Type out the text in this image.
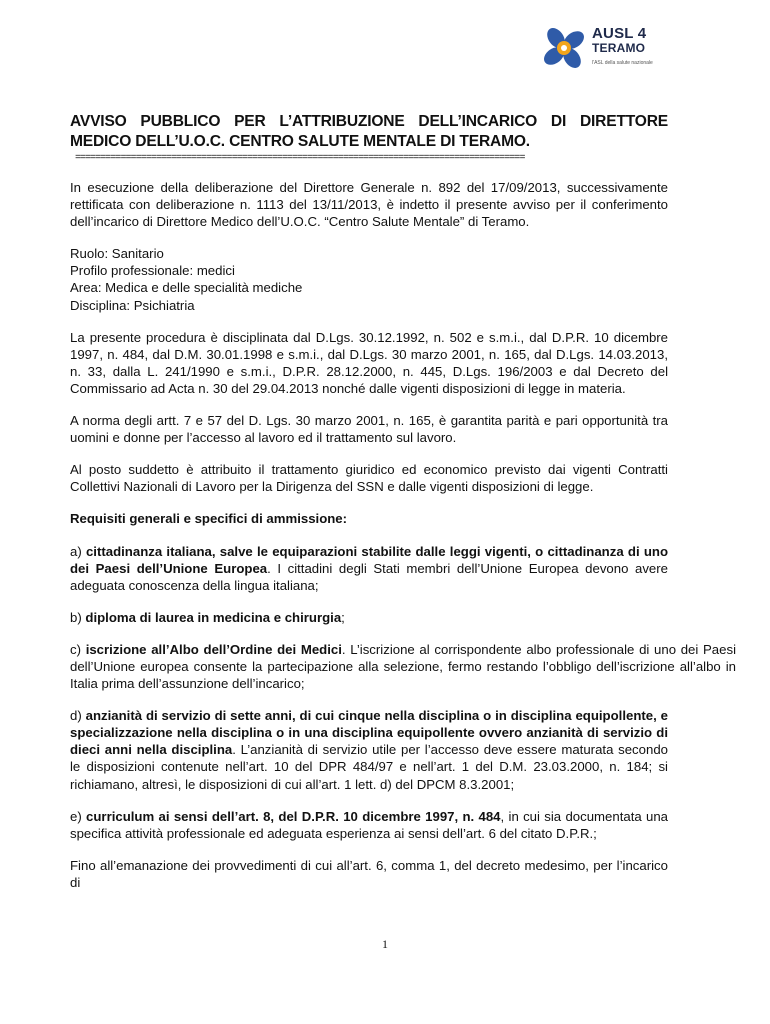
AUSL 4
TERAMO
l'ASL della salute nazionale
AVVISO PUBBLICO PER L’ATTRIBUZIONE DELL’INCARICO DI DIRETTORE MEDICO DELL’U.O.C. CENTRO SALUTE MENTALE DI TERAMO.
=========================================================================================

In esecuzione della deliberazione del Direttore Generale n. 892 del 17/09/2013, successivamente rettificata con deliberazione n. 1113 del 13/11/2013, è indetto il presente avviso per il conferimento dell’incarico di Direttore Medico dell’U.O.C. “Centro Salute Mentale” di Teramo.

Ruolo: Sanitario

Profilo professionale: medici

Area: Medica e delle specialità mediche

Disciplina: Psichiatria

La presente procedura è disciplinata dal D.Lgs. 30.12.1992, n. 502 e s.m.i., dal D.P.R. 10 dicembre 1997, n. 484, dal D.M. 30.01.1998 e s.m.i., dal D.Lgs. 30 marzo 2001, n. 165, dal D.Lgs. 14.03.2013, n. 33, dalla L. 241/1990 e s.m.i., D.P.R. 28.12.2000, n. 445, D.Lgs. 196/2003 e dal Decreto del Commissario ad Acta n. 30 del 29.04.2013 nonché dalle vigenti disposizioni di legge in materia.

A norma degli artt. 7 e 57 del D. Lgs. 30 marzo 2001, n. 165, è garantita parità e pari opportunità tra uomini e donne per l’accesso al lavoro ed il trattamento sul lavoro.

Al posto suddetto è attribuito il trattamento giuridico ed economico previsto dai vigenti Contratti Collettivi Nazionali di Lavoro per la Dirigenza del SSN e dalle vigenti disposizioni di legge.

Requisiti generali e specifici di ammissione:

a) cittadinanza italiana, salve le equiparazioni stabilite dalle leggi vigenti, o cittadinanza di uno dei Paesi dell’Unione Europea. I cittadini degli Stati membri dell’Unione Europea devono avere adeguata conoscenza della lingua italiana;

b) diploma di laurea in medicina e chirurgia;

c) iscrizione all’Albo dell’Ordine dei Medici. L’iscrizione al corrispondente albo professionale di uno dei Paesi dell’Unione europea consente la partecipazione alla selezione, fermo restando l’obbligo dell’iscrizione all’albo in Italia prima dell’assunzione dell’incarico;

d) anzianità di servizio di sette anni, di cui cinque nella disciplina o in disciplina equipollente, e specializzazione nella disciplina o in una disciplina equipollente ovvero anzianità di servizio di dieci anni nella disciplina. L’anzianità di servizio utile per l’accesso deve essere maturata secondo le disposizioni contenute nell’art. 10 del DPR 484/97 e nell’art. 1 del D.M. 23.03.2000, n. 184; si richiamano, altresì, le disposizioni di cui all’art. 1 lett. d) del DPCM 8.3.2001;

e) curriculum ai sensi dell’art. 8, del D.P.R. 10 dicembre 1997, n. 484, in cui sia documentata una specifica attività professionale ed adeguata esperienza ai sensi dell’art. 6 del citato D.P.R.;

Fino all’emanazione dei provvedimenti di cui all’art. 6, comma 1, del decreto medesimo, per l’incarico di

1
